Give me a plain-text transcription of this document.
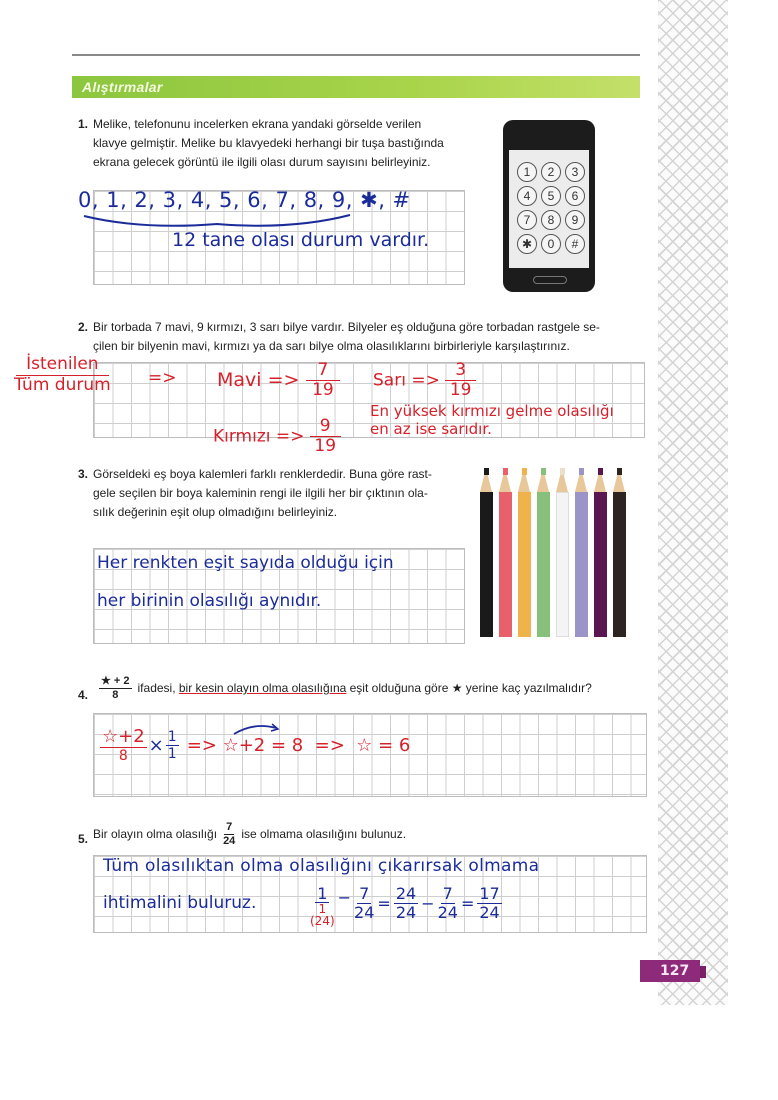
Alıştırmalar
1. Melike, telefonunu incelerken ekrana yandaki görselde verilen
klavye gelmiştir. Melike bu klavyedeki herhangi bir tuşa bastığında
ekrana gelecek görüntü ile ilgili olası durum sayısını belirleyiniz.
1	2	3
4	5	6
7	8	9
✱	0	#
0, 1, 2, 3, 4, 5, 6, 7, 8, 9, ✱, #
12 tane olası durum vardır.
2. Bir torbada 7 mavi, 9 kırmızı, 3 sarı bilye vardır. Bilyeler eş olduğuna göre torbadan rastgele se-
çilen bir bilyenin mavi, kırmızı ya da sarı bilye olma olasılıklarını birbirleriyle karşılaştırınız.
$\frac{\text{İstenilen}}{\text{Tüm durum}}$ => Mavi => $\frac{7}{19}$
Kırmızı => $\frac{9}{19}$
Sarı => $\frac{3}{19}$
En yüksek kırmızı gelme olasılığı
en az ise sarıdır.
3. Görseldeki eş boya kalemleri farklı renklerdedir. Buna göre rast-
gele seçilen bir boya kaleminin rengi ile ilgili her bir çıktının ola-
sılık değerinin eşit olup olmadığını belirleyiniz.
Her renkten eşit sayıda olduğu için
her birinin olasılığı aynıdır.
4. $\frac{★ + 2}{8}$ ifadesi, bir kesin olayın olma olasılığına eşit olduğuna göre ★ yerine kaç yazılmalıdır?
$\frac{☆+2}{8} \times \frac{1}{1}$ => ☆+2 = 8  =>  ☆ = 6
5. Bir olayın olma olasılığı $\frac{7}{24}$ ise olmama olasılığını bulunuz.
Tüm olasılıktan olma olasılığını çıkarırsak olmama
ihtimalini buluruz.	1
1
(24)
− $\frac{7}{24} = \frac{24}{24} - \frac{7}{24} = \frac{17}{24}$
127
